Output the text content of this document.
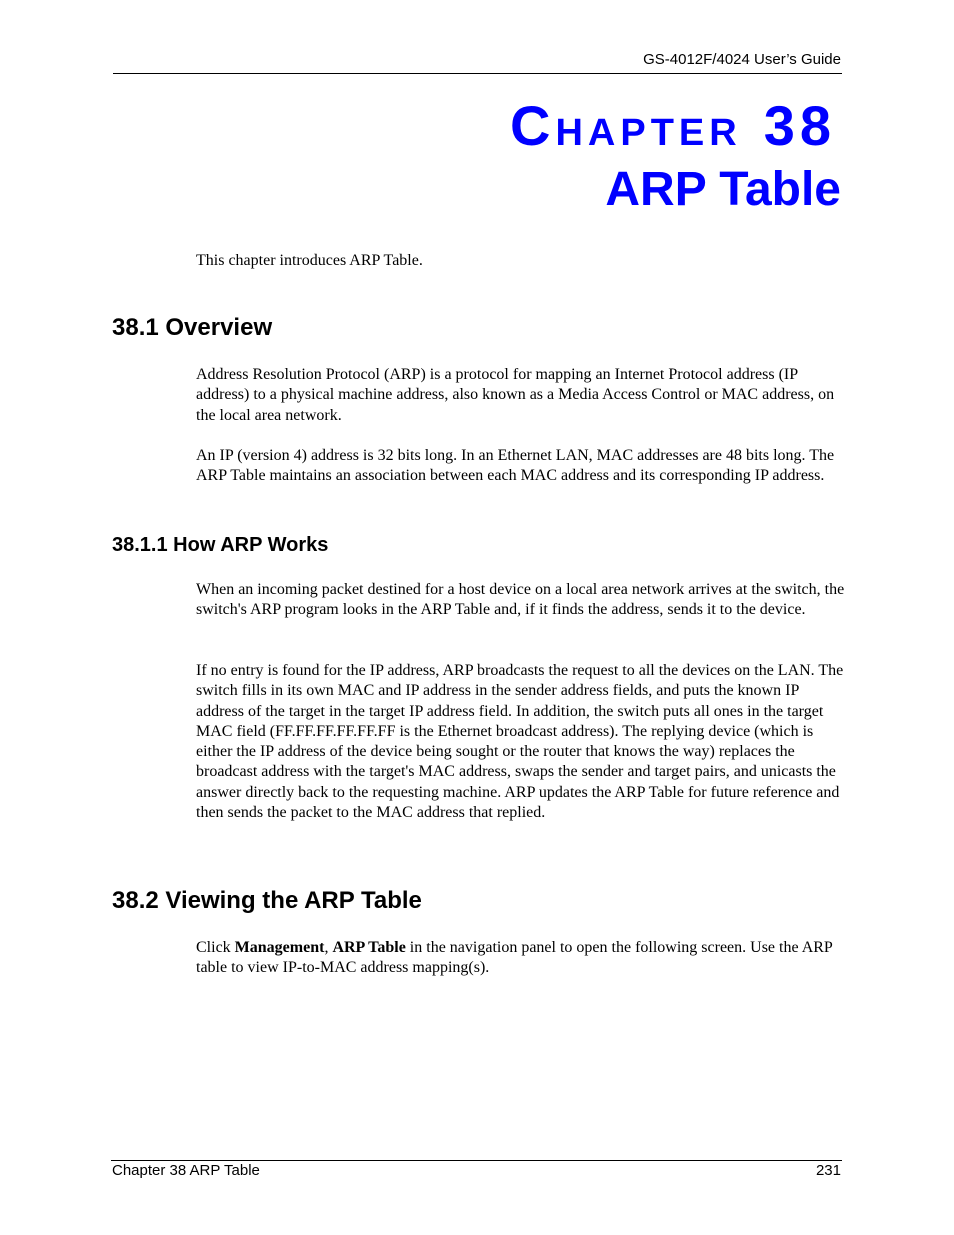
GS-4012F/4024 User’s Guide
CHAPTER 38
ARP Table
This chapter introduces ARP Table.
38.1 Overview
Address Resolution Protocol (ARP) is a protocol for mapping an Internet Protocol address (IP address) to a physical machine address, also known as a Media Access Control or MAC address, on the local area network.
An IP (version 4) address is 32 bits long. In an Ethernet LAN, MAC addresses are 48 bits long. The ARP Table maintains an association between each MAC address and its corresponding IP address.
38.1.1 How ARP Works
When an incoming packet destined for a host device on a local area network arrives at the switch, the switch's ARP program looks in the ARP Table and, if it finds the address, sends it to the device.
If no entry is found for the IP address, ARP broadcasts the request to all the devices on the LAN. The switch fills in its own MAC and IP address in the sender address fields, and puts the known IP address of the target in the target IP address field. In addition, the switch puts all ones in the target MAC field (FF.FF.FF.FF.FF.FF is the Ethernet broadcast address). The replying device (which is either the IP address of the device being sought or the router that knows the way) replaces the broadcast address with the target's MAC address, swaps the sender and target pairs, and unicasts the answer directly back to the requesting machine. ARP updates the ARP Table for future reference and then sends the packet to the MAC address that replied.
38.2 Viewing the ARP Table
Click Management, ARP Table in the navigation panel to open the following screen. Use the ARP table to view IP-to-MAC address mapping(s).
Chapter 38 ARP Table	231
